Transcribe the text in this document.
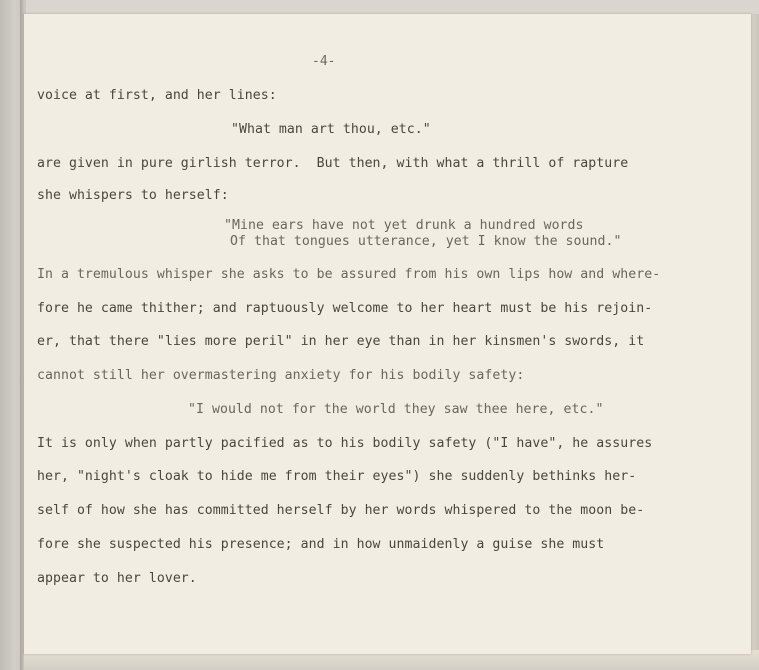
-4-

voice at first, and her lines:

"What man art thou, etc."

are given in pure girlish terror.  But then, with what a thrill of rapture

she whispers to herself:

"Mine ears have not yet drunk a hundred words

Of that tongues utterance, yet I know the sound."

In a tremulous whisper she asks to be assured from his own lips how and where-

fore he came thither; and raptuously welcome to her heart must be his rejoin-

er, that there "lies more peril" in her eye than in her kinsmen's swords, it

cannot still her overmastering anxiety for his bodily safety:

"I would not for the world they saw thee here, etc."

It is only when partly pacified as to his bodily safety ("I have", he assures

her, "night's cloak to hide me from their eyes") she suddenly bethinks her-

self of how she has committed herself by her words whispered to the moon be-

fore she suspected his presence; and in how unmaidenly a guise she must

appear to her lover.
